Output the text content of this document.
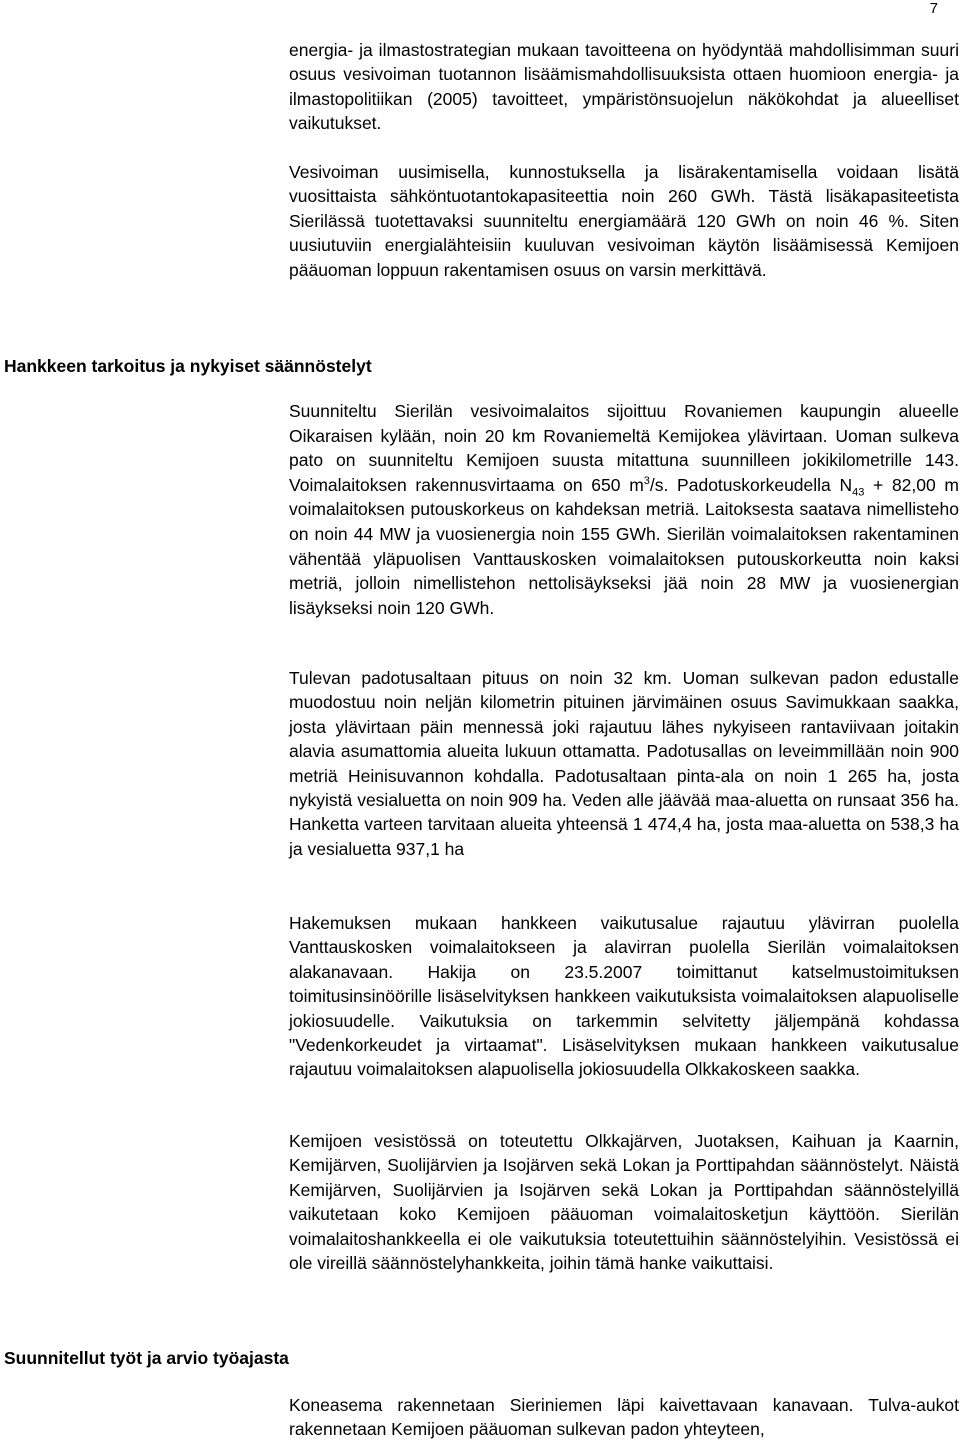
7

energia- ja ilmastostrategian mukaan tavoitteena on hyödyntää mahdollisimman suuri osuus vesivoiman tuotannon lisäämismahdollisuuksista ottaen huomioon energia- ja ilmastopolitiikan (2005) tavoitteet, ympäristönsuojelun näkökohdat ja alueelliset vaikutukset.

Vesivoiman uusimisella, kunnostuksella ja lisärakentamisella voidaan lisätä vuosittaista sähköntuotantokapasiteettia noin 260 GWh. Tästä lisäkapasiteetista Sierilässä tuotettavaksi suunniteltu energiamäärä 120 GWh on noin 46 %. Siten uusiutuviin energialähteisiin kuuluvan vesivoiman käytön lisäämisessä Kemijoen pääuoman loppuun rakentamisen osuus on varsin merkittävä.

Hankkeen tarkoitus ja nykyiset säännöstelyt

Suunniteltu Sierilän vesivoimalaitos sijoittuu Rovaniemen kaupungin alueelle Oikaraisen kylään, noin 20 km Rovaniemeltä Kemijokea ylävirtaan. Uoman sulkeva pato on suunniteltu Kemijoen suusta mitattuna suunnilleen jokikilometrille 143. Voimalaitoksen rakennusvirtaama on 650 $m^3/s$. Padotuskorkeudella $N_{43} + 82,00$ m voimalaitoksen putouskorkeus on kahdeksan metriä. Laitoksesta saatava nimellisteho on noin 44 MW ja vuosienergia noin 155 GWh. Sierilän voimalaitoksen rakentaminen vähentää yläpuolisen Vanttauskosken voimalaitoksen putouskorkeutta noin kaksi metriä, jolloin nimellistehon nettolisäykseksi jää noin 28 MW ja vuosienergian lisäykseksi noin 120 GWh.

Tulevan padotusaltaan pituus on noin 32 km. Uoman sulkevan padon edustalle muodostuu noin neljän kilometrin pituinen järvimäinen osuus Savimukkaan saakka, josta ylävirtaan päin mennessä joki rajautuu lähes nykyiseen rantaviivaan joitakin alavia asumattomia alueita lukuun ottamatta. Padotusallas on leveimmillään noin 900 metriä Heinisuvannon kohdalla. Padotusaltaan pinta-ala on noin 1 265 ha, josta nykyistä vesialuetta on noin 909 ha. Veden alle jäävää maa-aluetta on runsaat 356 ha. Hanketta varteen tarvitaan alueita yhteensä 1 474,4 ha, josta maa-aluetta on 538,3 ha ja vesialuetta 937,1 ha

Hakemuksen mukaan hankkeen vaikutusalue rajautuu ylävirran puolella Vanttauskosken voimalaitokseen ja alavirran puolella Sierilän voimalaitoksen alakanavaan. Hakija on 23.5.2007 toimittanut katselmustoimituksen toimitusinsinöörille lisäselvityksen hankkeen vaikutuksista voimalaitoksen alapuoliselle jokiosuudelle. Vaikutuksia on tarkemmin selvitetty jäljempänä kohdassa "Vedenkorkeudet ja virtaamat". Lisäselvityksen mukaan hankkeen vaikutusalue rajautuu voimalaitoksen alapuolisella jokiosuudella Olkkakoskeen saakka.

Kemijoen vesistössä on toteutettu Olkkajärven, Juotaksen, Kaihuan ja Kaarnin, Kemijärven, Suolijärvien ja Isojärven sekä Lokan ja Porttipahdan säännöstelyt. Näistä Kemijärven, Suolijärvien ja Isojärven sekä Lokan ja Porttipahdan säännöstelyillä vaikutetaan koko Kemijoen pääuoman voimalaitosketjun käyttöön. Sierilän voimalaitoshankkeella ei ole vaikutuksia toteutettuihin säännöstelyihin. Vesistössä ei ole vireillä säännöstelyhankkeita, joihin tämä hanke vaikuttaisi.

Suunnitellut työt ja arvio työajasta

Koneasema rakennetaan Sieriniemen läpi kaivettavaan kanavaan. Tulva-aukot rakennetaan Kemijoen pääuoman sulkevan padon yhteyteen,
